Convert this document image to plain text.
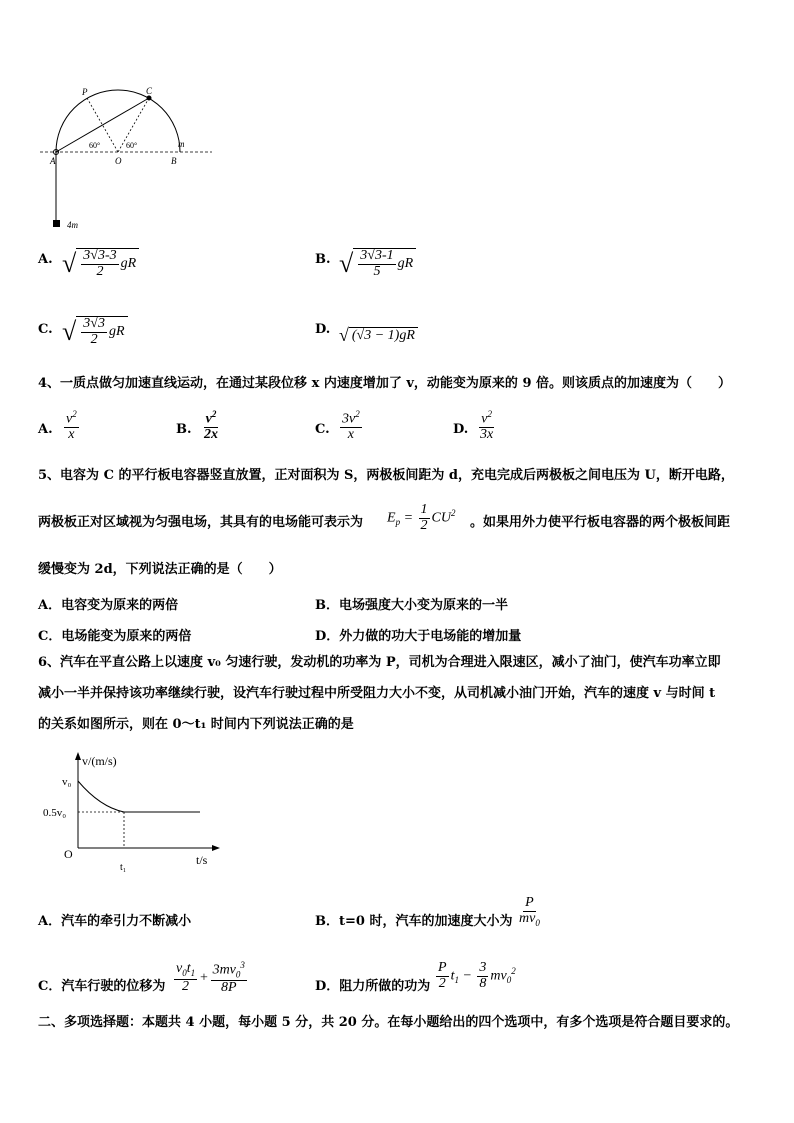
P	C
A	O	B
m
60°	60°
4m
A. √ $\frac{3√3-3}{2}$ gR	B. √ $\frac{3√3-1}{5}$ gR
C. √ $\frac{3√3}{2}$ gR	D. √ (√3 − 1)gR
4、一质点做匀加速直线运动，在通过某段位移 x 内速度增加了 v，动能变为原来的 9 倍。则该质点的加速度为（　　）
A. $\frac{v^2}{x}$	B. $\frac{v^2}{2x}$	C. $\frac{3v^2}{x}$	D. $\frac{v^2}{3x}$
5、电容为 C 的平行板电容器竖直放置，正对面积为 S，两极板间距为 d，充电完成后两极板之间电压为 U，断开电路，
两极板正对区域视为匀强电场，其具有的电场能可表示为 $E_p = \frac{1}{2} CU^2$
。如果用外力使平行板电容器的两个极板间距
缓慢变为 2d，下列说法正确的是（　　）
A．电容变为原来的两倍	B．电场强度大小变为原来的一半
C．电场能变为原来的两倍	D．外力做的功大于电场能的增加量
6、汽车在平直公路上以速度 v₀ 匀速行驶，发动机的功率为 P，司机为合理进入限速区，减小了油门，使汽车功率立即
减小一半并保持该功率继续行驶，设汽车行驶过程中所受阻力大小不变，从司机减小油门开始，汽车的速度 v 与时间 t
的关系如图所示，则在 0～t₁ 时间内下列说法正确的是
v/(m/s)
v₀
0.5v₀
O
t₁
t/s
A．汽车的牵引力不断减小	B．t=0 时，汽车的加速度大小为 $\frac{P}{mv_0}$
C．汽车行驶的位移为 $\frac{v_0t_1}{2} + \frac{3mv_0^3}{8P}$	D．阻力所做的功为 $\frac{P}{2} t_1 - \frac{3}{8} mv_0^2$
二、多项选择题：本题共 4 小题，每小题 5 分，共 20 分。在每小题给出的四个选项中，有多个选项是符合题目要求的。
